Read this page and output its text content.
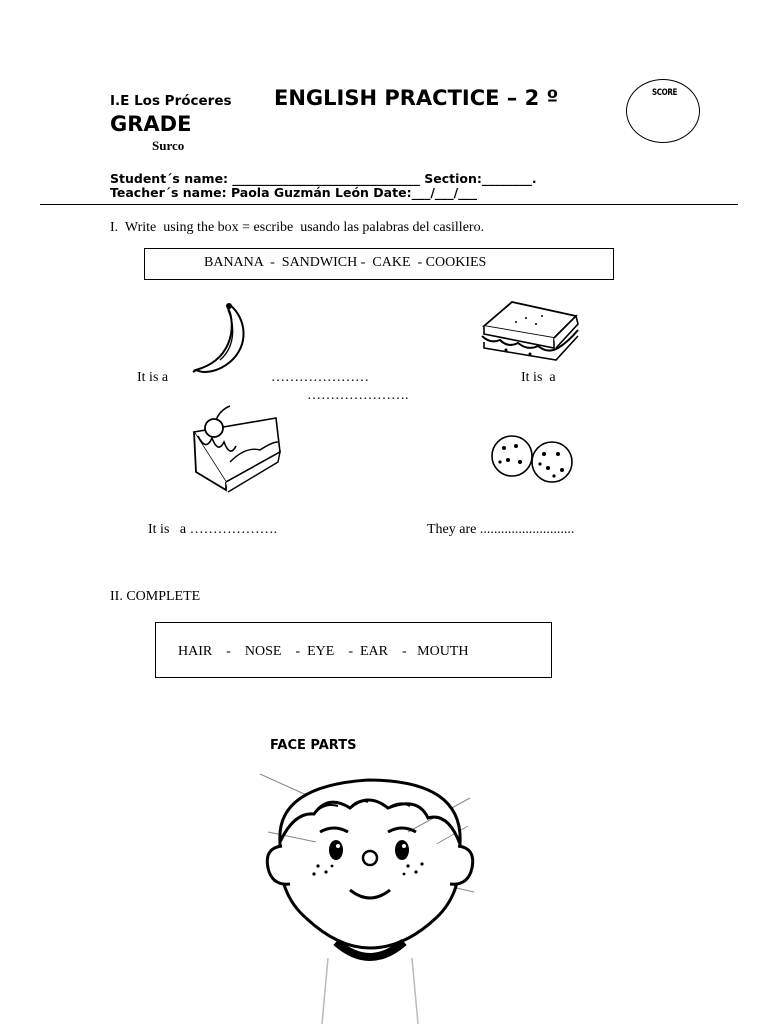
I.E Los Próceres ENGLISH PRACTICE – 2 º
GRADE
Surco
SCORE
Student´s name: ______________________________ Section:________.
Teacher´s name: Paola Guzmán León Date:___/___/___
I.  Write  using the box = escribe  usando las palabras del casillero.
BANANA  -  SANDWICH -  CAKE  - COOKIES
It is a	…………………	It is  a
………………….
It is   a ……………….	They are ...........................
II. COMPLETE
HAIR    -    NOSE    -  EYE    -  EAR    -   MOUTH
FACE PARTS
